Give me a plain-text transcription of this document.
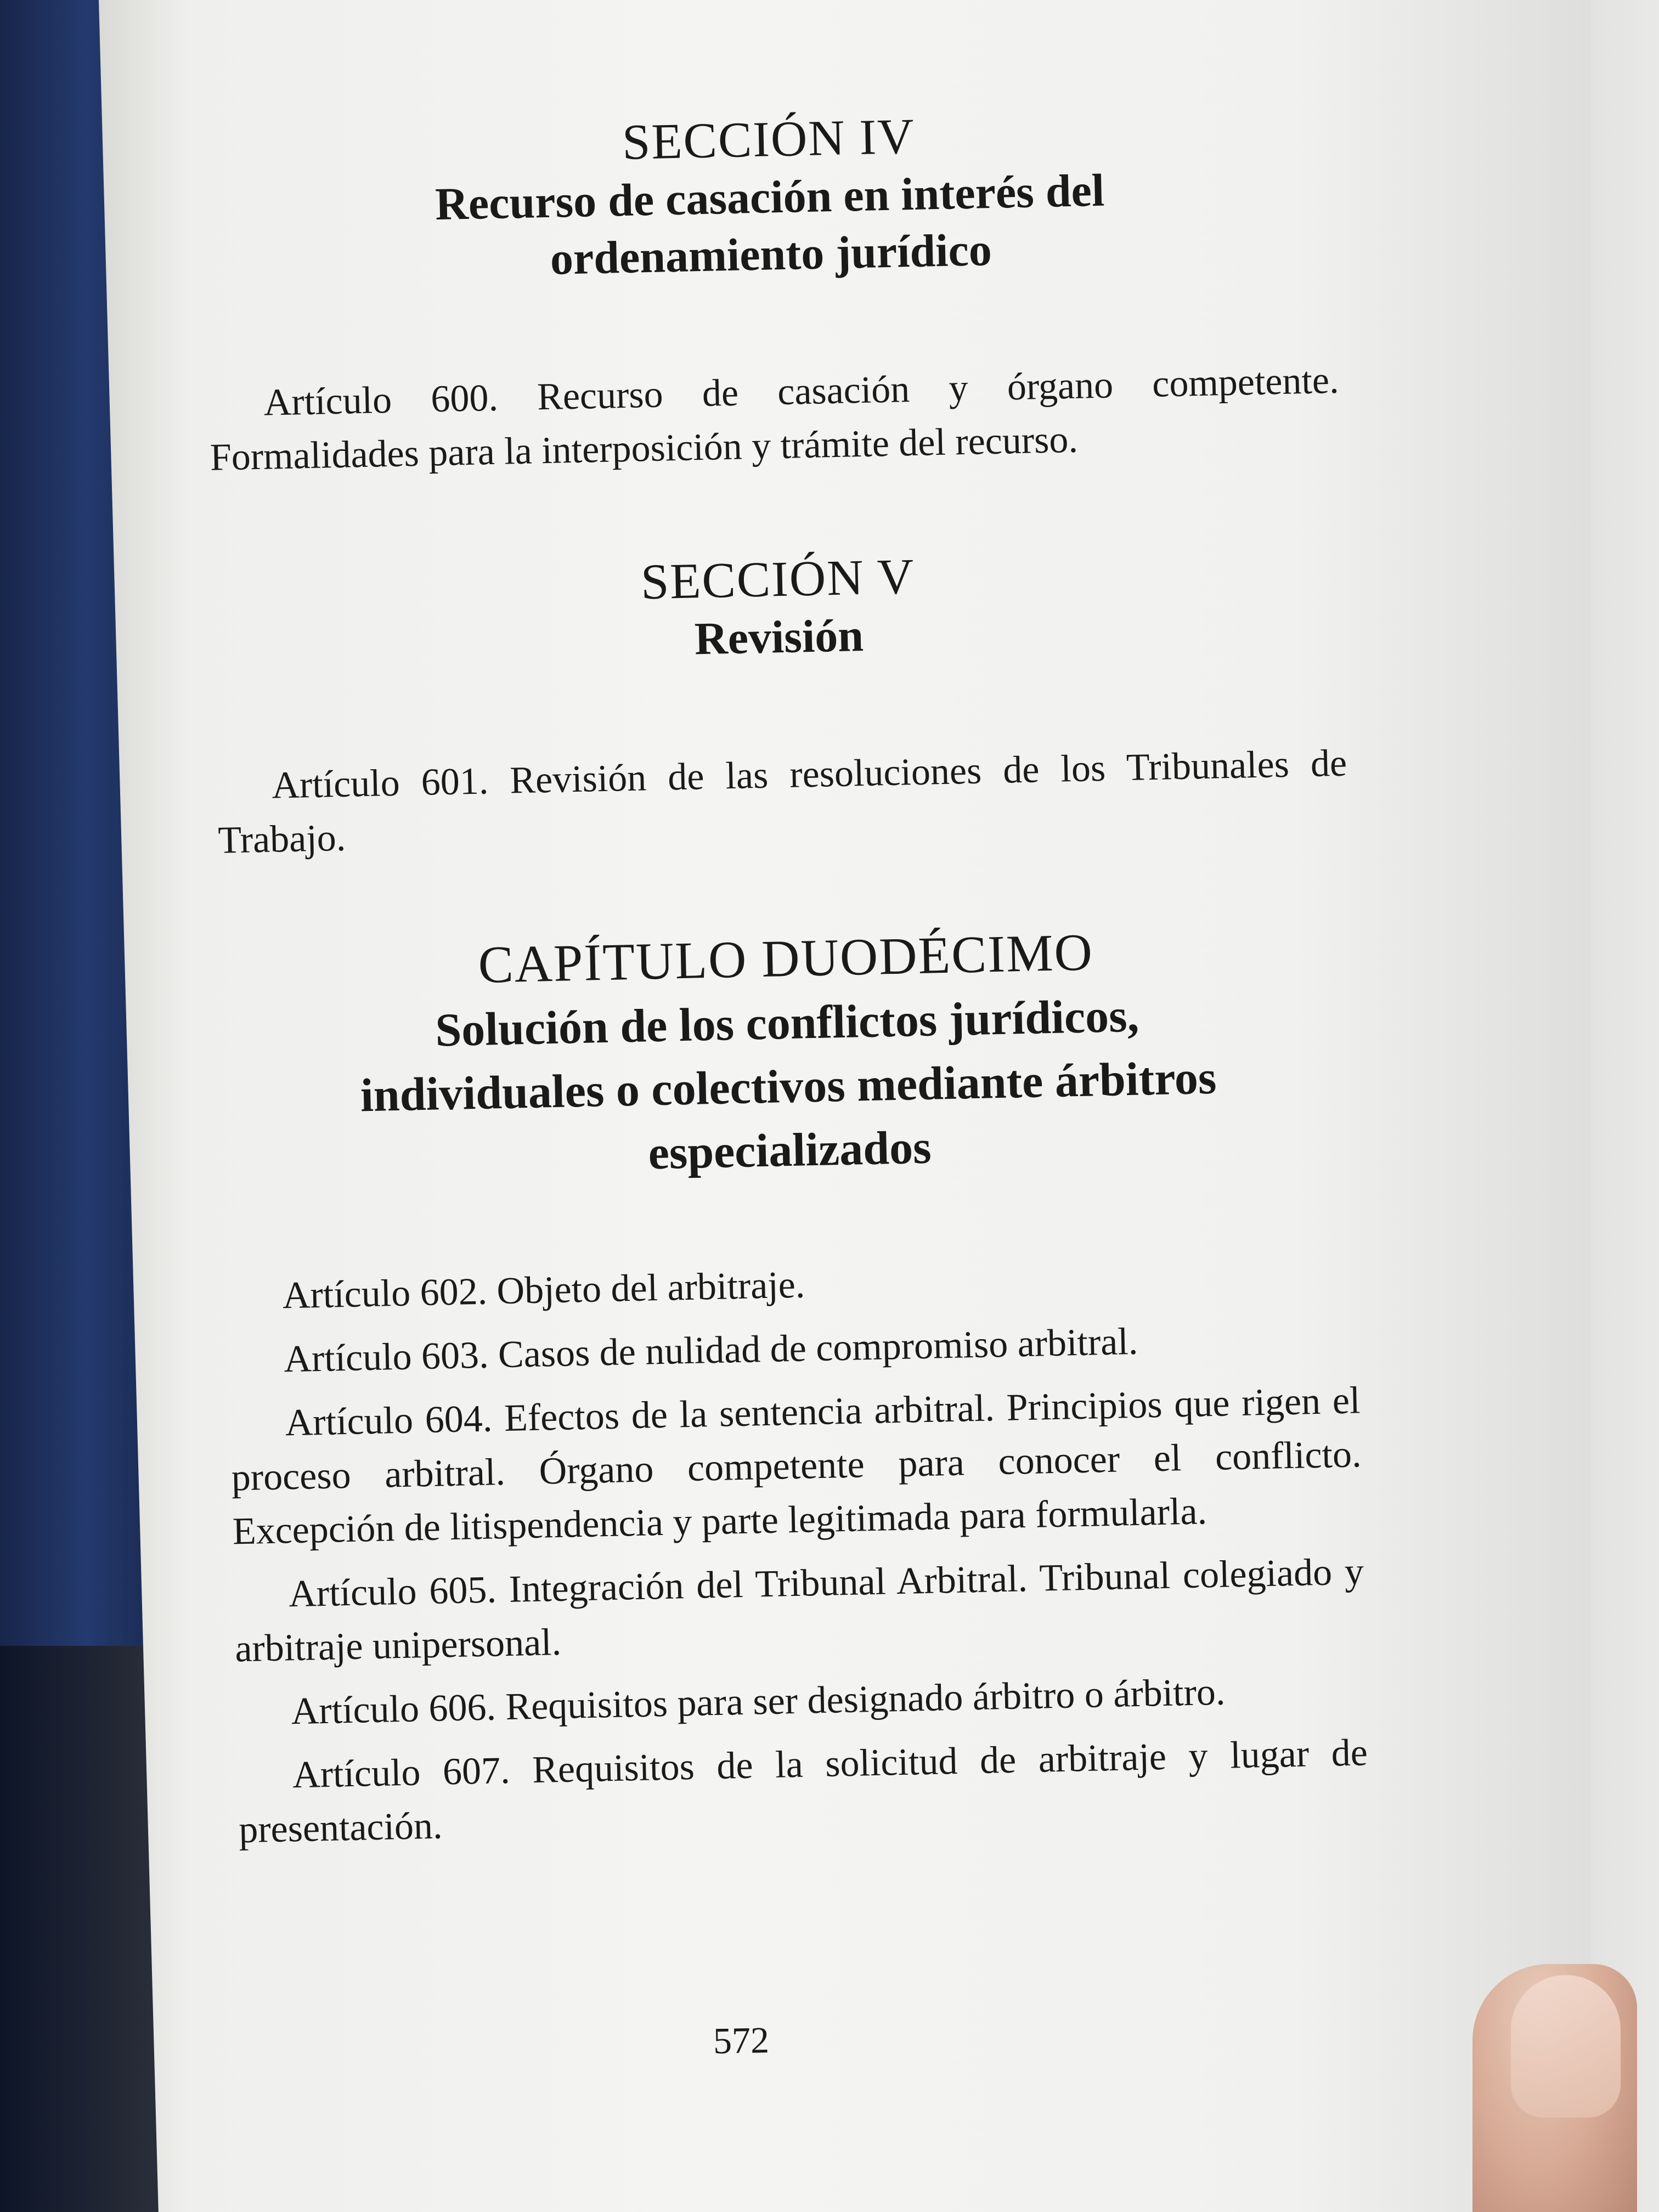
SECCIÓN IV
Recurso de casación en interés del
ordenamiento jurídico

Artículo 600. Recurso de casación y órgano competente. Formalidades para la interposición y trámite del recurso.

SECCIÓN V
Revisión

Artículo 601. Revisión de las resoluciones de los Tribunales de Trabajo.

CAPÍTULO DUODÉCIMO
Solución de los conflictos jurídicos,
individuales o colectivos mediante árbitros
especializados

Artículo 602. Objeto del arbitraje.

Artículo 603. Casos de nulidad de compromiso arbitral.

Artículo 604. Efectos de la sentencia arbitral. Principios que rigen el proceso arbitral. Órgano competente para conocer el conflicto. Excepción de litispendencia y parte legitimada para formularla.

Artículo 605. Integración del Tribunal Arbitral. Tribunal colegiado y arbitraje unipersonal.

Artículo 606. Requisitos para ser designado árbitro o árbitro.

Artículo 607. Requisitos de la solicitud de arbitraje y lugar de presentación.

572
